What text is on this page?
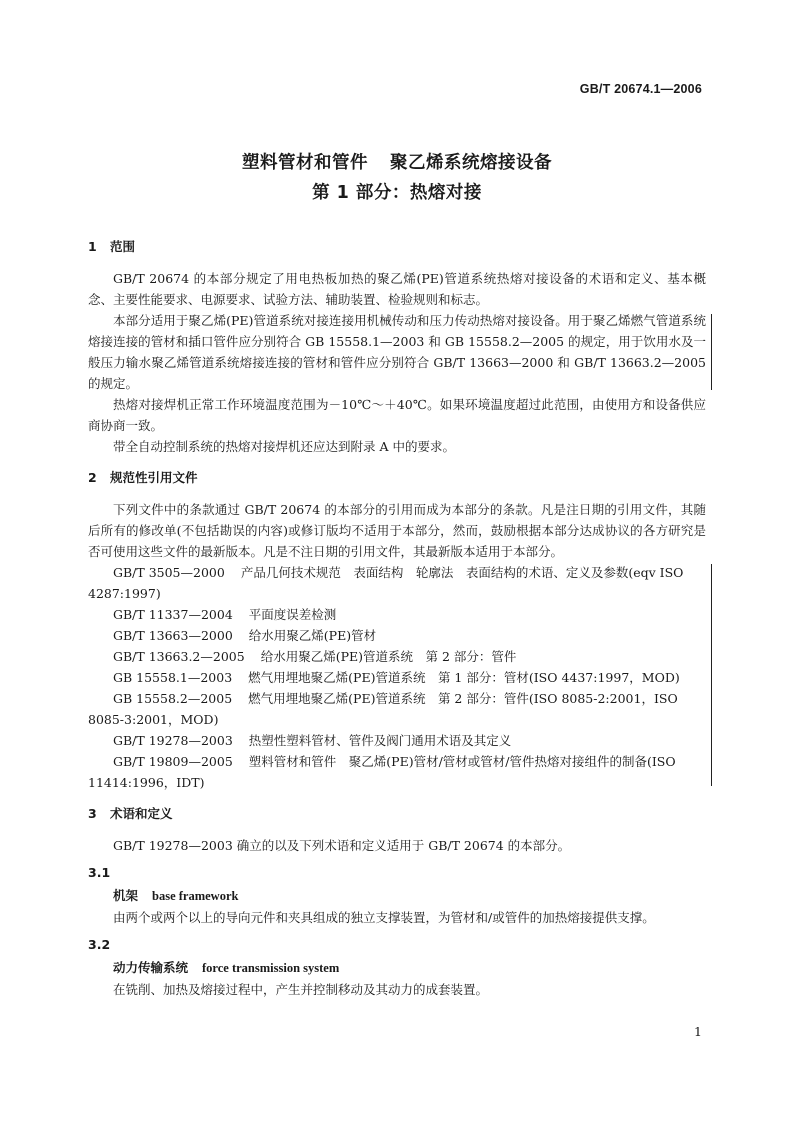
GB/T 20674.1—2006
塑料管材和管件 聚乙烯系统熔接设备
第 1 部分：热熔对接
1 范围

GB/T 20674 的本部分规定了用电热板加热的聚乙烯(PE)管道系统热熔对接设备的术语和定义、基本概念、主要性能要求、电源要求、试验方法、辅助装置、检验规则和标志。

本部分适用于聚乙烯(PE)管道系统对接连接用机械传动和压力传动热熔对接设备。用于聚乙烯燃气管道系统熔接连接的管材和插口管件应分别符合 GB 15558.1—2003 和 GB 15558.2—2005 的规定，用于饮用水及一般压力输水聚乙烯管道系统熔接连接的管材和管件应分别符合 GB/T 13663—2000 和 GB/T 13663.2—2005 的规定。

热熔对接焊机正常工作环境温度范围为－10℃～＋40℃。如果环境温度超过此范围，由使用方和设备供应商协商一致。

带全自动控制系统的热熔对接焊机还应达到附录 A 中的要求。

2 规范性引用文件

下列文件中的条款通过 GB/T 20674 的本部分的引用而成为本部分的条款。凡是注日期的引用文件，其随后所有的修改单(不包括勘误的内容)或修订版均不适用于本部分，然而，鼓励根据本部分达成协议的各方研究是否可使用这些文件的最新版本。凡是不注日期的引用文件，其最新版本适用于本部分。

GB/T 3505—2000 产品几何技术规范　表面结构　轮廓法　表面结构的术语、定义及参数(eqv ISO 4287:1997)

GB/T 11337—2004 平面度误差检测

GB/T 13663—2000 给水用聚乙烯(PE)管材

GB/T 13663.2—2005 给水用聚乙烯(PE)管道系统　第 2 部分：管件

GB 15558.1—2003 燃气用埋地聚乙烯(PE)管道系统　第 1 部分：管材(ISO 4437:1997，MOD)

GB 15558.2—2005 燃气用埋地聚乙烯(PE)管道系统　第 2 部分：管件(ISO 8085-2:2001，ISO 8085-3:2001，MOD)

GB/T 19278—2003 热塑性塑料管材、管件及阀门通用术语及其定义

GB/T 19809—2005 塑料管材和管件　聚乙烯(PE)管材/管材或管材/管件热熔对接组件的制备(ISO 11414:1996，IDT)

3 术语和定义

GB/T 19278—2003 确立的以及下列术语和定义适用于 GB/T 20674 的本部分。

3.1

机架 base framework

由两个或两个以上的导向元件和夹具组成的独立支撑装置，为管材和/或管件的加热熔接提供支撑。

3.2

动力传输系统 force transmission system

在铣削、加热及熔接过程中，产生并控制移动及其动力的成套装置。

1
